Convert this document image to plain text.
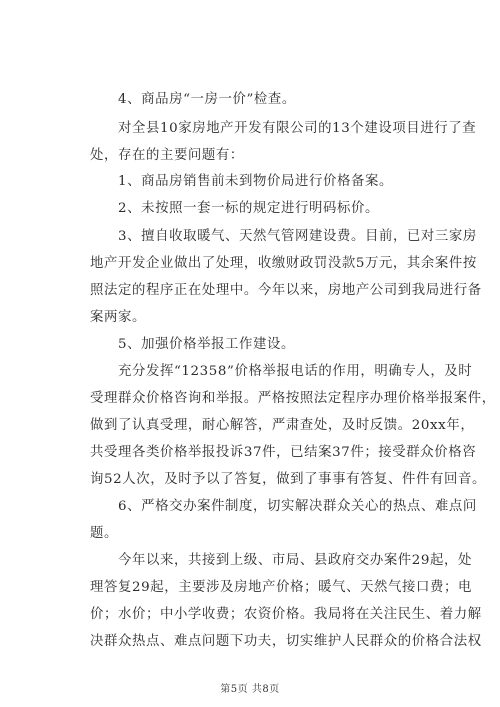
4、商品房“一房一价”检查。
对全县10家房地产开发有限公司的13个建设项目进行了查
处，存在的主要问题有：
1、商品房销售前未到物价局进行价格备案。
2、未按照一套一标的规定进行明码标价。
3、擅自收取暖气、天然气管网建设费。目前，已对三家房
地产开发企业做出了处理，收缴财政罚没款5万元，其余案件按
照法定的程序正在处理中。今年以来，房地产公司到我局进行备
案两家。
5、加强价格举报工作建设。
充分发挥“12358”价格举报电话的作用，明确专人，及时
受理群众价格咨询和举报。严格按照法定程序办理价格举报案件，
做到了认真受理，耐心解答，严肃查处，及时反馈。20xx年，
共受理各类价格举报投诉37件，已结案37件；接受群众价格咨
询52人次，及时予以了答复，做到了事事有答复、件件有回音。
6、严格交办案件制度，切实解决群众关心的热点、难点问
题。
今年以来，共接到上级、市局、县政府交办案件29起，处
理答复29起，主要涉及房地产价格；暖气、天然气接口费；电
价；水价；中小学收费；农资价格。我局将在关注民生、着力解
决群众热点、难点问题下功夫，切实维护人民群众的价格合法权
第5页 共8页
